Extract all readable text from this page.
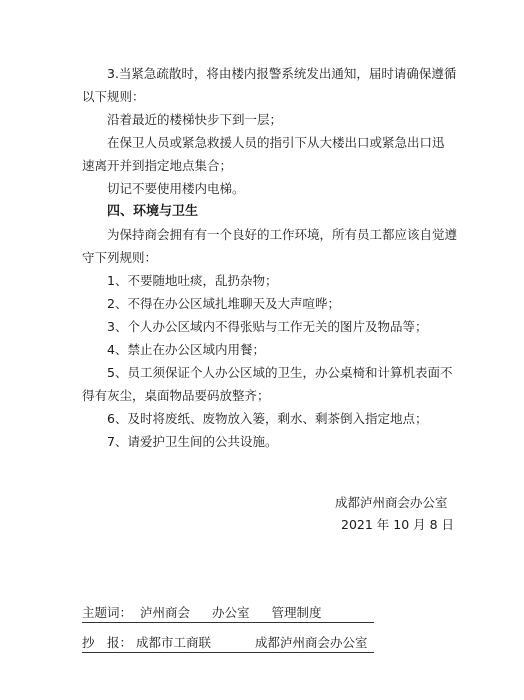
3.当紧急疏散时，将由楼内报警系统发出通知，届时请确保遵循
以下规则：
沿着最近的楼梯快步下到一层；
在保卫人员或紧急救援人员的指引下从大楼出口或紧急出口迅
速离开并到指定地点集合；
切记不要使用楼内电梯。
四、环境与卫生
为保持商会拥有有一个良好的工作环境，所有员工都应该自觉遵
守下列规则：
1、不要随地吐痰，乱扔杂物；
2、不得在办公区域扎堆聊天及大声喧哗；
3、个人办公区域内不得张贴与工作无关的图片及物品等；
4、禁止在办公区域内用餐；
5、员工须保证个人办公区域的卫生，办公桌椅和计算机表面不
得有灰尘，桌面物品要码放整齐；
6、及时将废纸、废物放入篓，剩水、剩茶倒入指定地点；
7、请爱护卫生间的公共设施。
成都泸州商会办公室
2021 年 10 月 8 日
主题词： 泸州商会 办公室 管理制度
抄　报： 成都市工商联	成都泸州商会办公室
